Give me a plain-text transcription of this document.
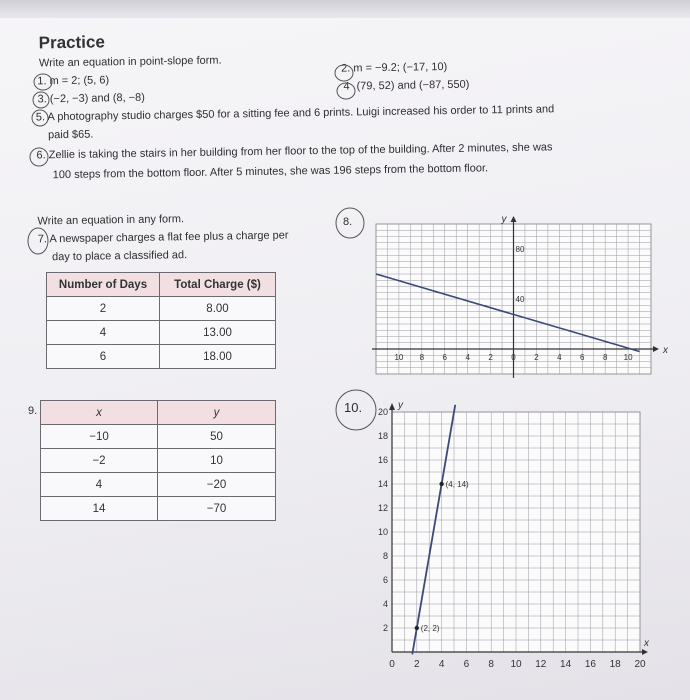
Practice
Write an equation in point-slope form.
1. m = 2; (5, 6)
2. m = −9.2; (−17, 10)
3. (−2, −3) and (8, −8)
4 (79, 52) and (−87, 550)
5. A photography studio charges $50 for a sitting fee and 6 prints. Luigi increased his order to 11 prints and
paid $65.
6. Zellie is taking the stairs in her building from her floor to the top of the building. After 2 minutes, she was
100 steps from the bottom floor. After 5 minutes, she was 196 steps from the bottom floor.
Write an equation in any form.
7. A newspaper charges a flat fee plus a charge per
day to place a classified ad.
8.
9.	10.
Number of Days	Total Charge ($)
2	8.00
4	13.00
6	18.00
x	y
−10	50
−2	10
4	−20
14	−70
10 8 6 4 2 0 2 4 6 8 10
80
40
x
y
0 2 4 6 8 10 12 14 16 18 20
2
4
6
8
10
12
14
16
18
20
(2, 2)
(4, 14)
x
y
